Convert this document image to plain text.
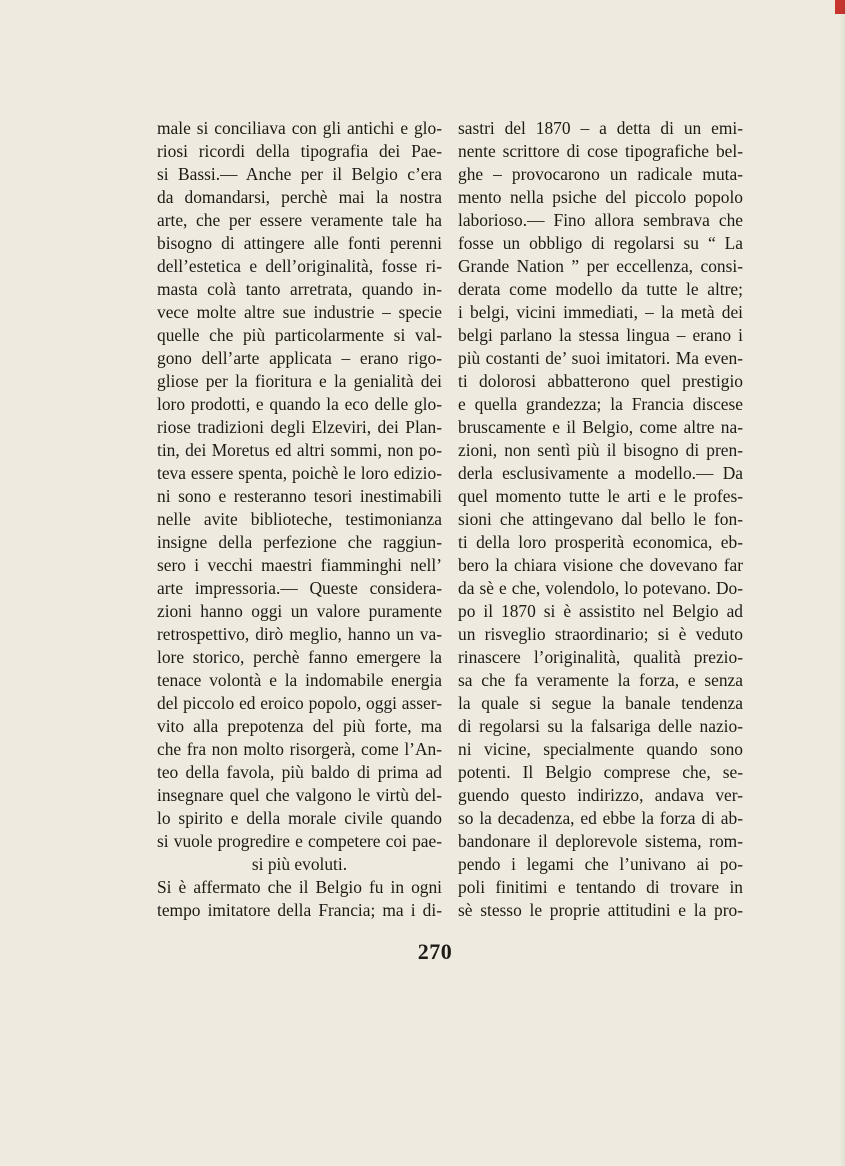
male si conciliava con gli antichi e glo-
riosi ricordi della tipografia dei Pae-
si Bassi.— Anche per il Belgio c’era
da domandarsi, perchè mai la nostra
arte, che per essere veramente tale ha
bisogno di attingere alle fonti perenni
dell’estetica e dell’originalità, fosse ri-
masta colà tanto arretrata, quando in-
vece molte altre sue industrie – specie
quelle che più particolarmente si val-
gono dell’arte applicata – erano rigo-
gliose per la fioritura e la genialità dei
loro prodotti, e quando la eco delle glo-
riose tradizioni degli Elzeviri, dei Plan-
tin, dei Moretus ed altri sommi, non po-
teva essere spenta, poichè le loro edizio-
ni sono e resteranno tesori inestimabili
nelle avite biblioteche, testimonianza
insigne della perfezione che raggiun-
sero i vecchi maestri fiamminghi nell’
arte impressoria.— Queste considera-
zioni hanno oggi un valore puramente
retrospettivo, dirò meglio, hanno un va-
lore storico, perchè fanno emergere la
tenace volontà e la indomabile energia
del piccolo ed eroico popolo, oggi asser-
vito alla prepotenza del più forte, ma
che fra non molto risorgerà, come l’An-
teo della favola, più baldo di prima ad
insegnare quel che valgono le virtù del-
lo spirito e della morale civile quando
si vuole progredire e competere coi pae-
si più evoluti.
Si è affermato che il Belgio fu in ogni
tempo imitatore della Francia; ma i di-
sastri del 1870 – a detta di un emi-
nente scrittore di cose tipografiche bel-
ghe – provocarono un radicale muta-
mento nella psiche del piccolo popolo
laborioso.— Fino allora sembrava che
fosse un obbligo di regolarsi su “ La
Grande Nation ” per eccellenza, consi-
derata come modello da tutte le altre;
i belgi, vicini immediati, – la metà dei
belgi parlano la stessa lingua – erano i
più costanti de’ suoi imitatori. Ma even-
ti dolorosi abbatterono quel prestigio
e quella grandezza; la Francia discese
bruscamente e il Belgio, come altre na-
zioni, non sentì più il bisogno di pren-
derla esclusivamente a modello.— Da
quel momento tutte le arti e le profes-
sioni che attingevano dal bello le fon-
ti della loro prosperità economica, eb-
bero la chiara visione che dovevano far
da sè e che, volendolo, lo potevano. Do-
po il 1870 si è assistito nel Belgio ad
un risveglio straordinario; si è veduto
rinascere l’originalità, qualità prezio-
sa che fa veramente la forza, e senza
la quale si segue la banale tendenza
di regolarsi su la falsariga delle nazio-
ni vicine, specialmente quando sono
potenti. Il Belgio comprese che, se-
guendo questo indirizzo, andava ver-
so la decadenza, ed ebbe la forza di ab-
bandonare il deplorevole sistema, rom-
pendo i legami che l’univano ai po-
poli finitimi e tentando di trovare in
sè stesso le proprie attitudini e la pro-
270
